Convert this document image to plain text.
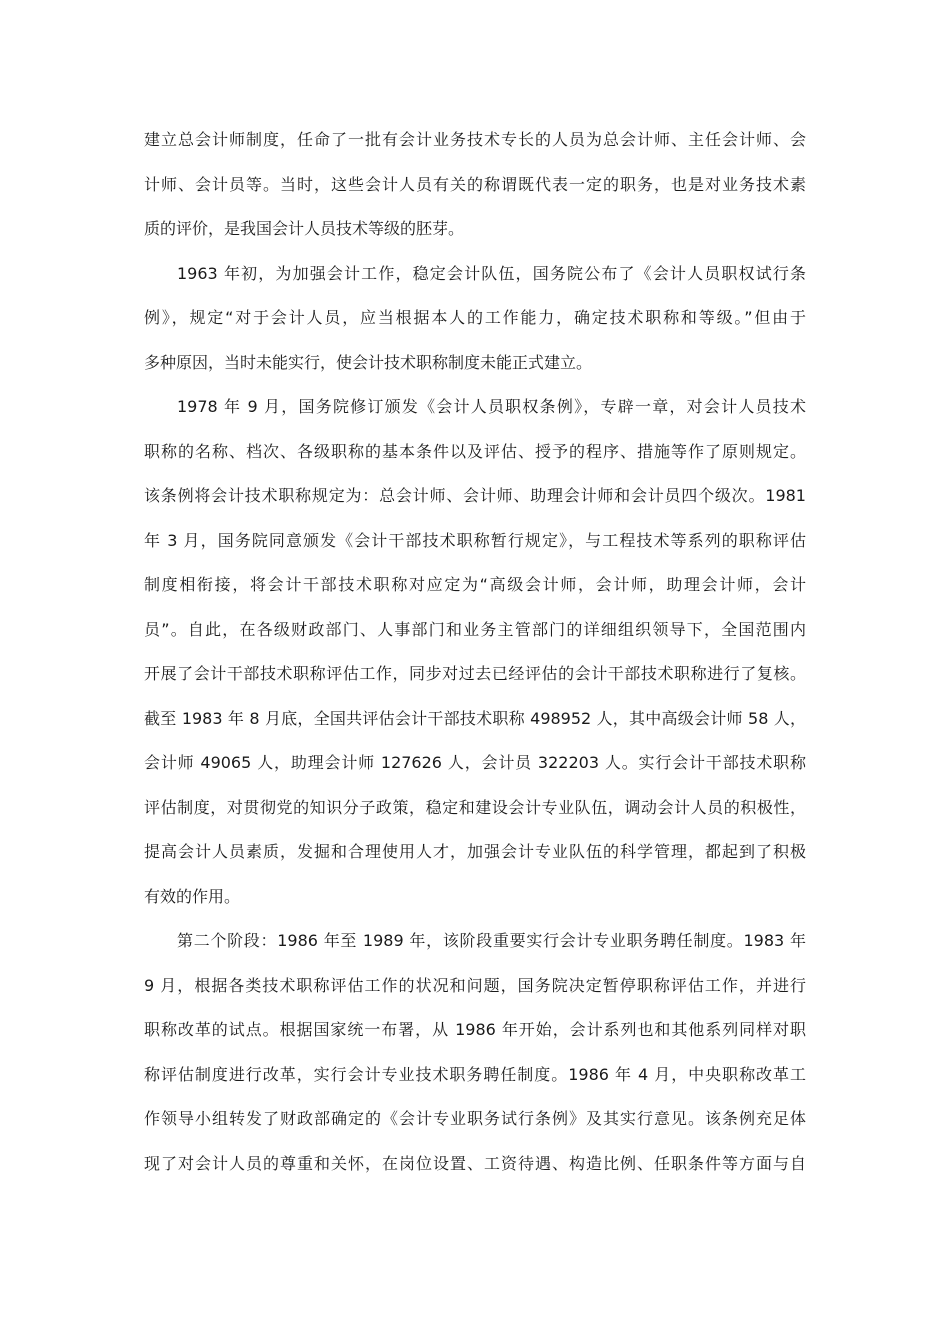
建立总会计师制度，任命了一批有会计业务技术专长的人员为总会计师、主任会计师、会
计师、会计员等。当时，这些会计人员有关的称谓既代表一定的职务，也是对业务技术素
质的评价，是我国会计人员技术等级的胚芽。
1963 年初，为加强会计工作，稳定会计队伍，国务院公布了《会计人员职权试行条
例》，规定“对于会计人员，应当根据本人的工作能力，确定技术职称和等级。”但由于
多种原因，当时未能实行，使会计技术职称制度未能正式建立。
1978 年 9 月，国务院修订颁发《会计人员职权条例》，专辟一章，对会计人员技术
职称的名称、档次、各级职称的基本条件以及评估、授予的程序、措施等作了原则规定。
该条例将会计技术职称规定为：总会计师、会计师、助理会计师和会计员四个级次。1981
年 3 月，国务院同意颁发《会计干部技术职称暂行规定》，与工程技术等系列的职称评估
制度相衔接，将会计干部技术职称对应定为“高级会计师，会计师，助理会计师，会计
员”。自此，在各级财政部门、人事部门和业务主管部门的详细组织领导下，全国范围内
开展了会计干部技术职称评估工作，同步对过去已经评估的会计干部技术职称进行了复核。
截至 1983 年 8 月底，全国共评估会计干部技术职称 498952 人，其中高级会计师 58 人，
会计师 49065 人，助理会计师 127626 人，会计员 322203 人。实行会计干部技术职称
评估制度，对贯彻党的知识分子政策，稳定和建设会计专业队伍，调动会计人员的积极性，
提高会计人员素质，发掘和合理使用人才，加强会计专业队伍的科学管理，都起到了积极
有效的作用。
第二个阶段：1986 年至 1989 年，该阶段重要实行会计专业职务聘任制度。1983 年
9 月，根据各类技术职称评估工作的状况和问题，国务院决定暂停职称评估工作，并进行
职称改革的试点。根据国家统一布署，从 1986 年开始，会计系列也和其他系列同样对职
称评估制度进行改革，实行会计专业技术职务聘任制度。1986 年 4 月，中央职称改革工
作领导小组转发了财政部确定的《会计专业职务试行条例》及其实行意见。该条例充足体
现了对会计人员的尊重和关怀，在岗位设置、工资待遇、构造比例、任职条件等方面与自
